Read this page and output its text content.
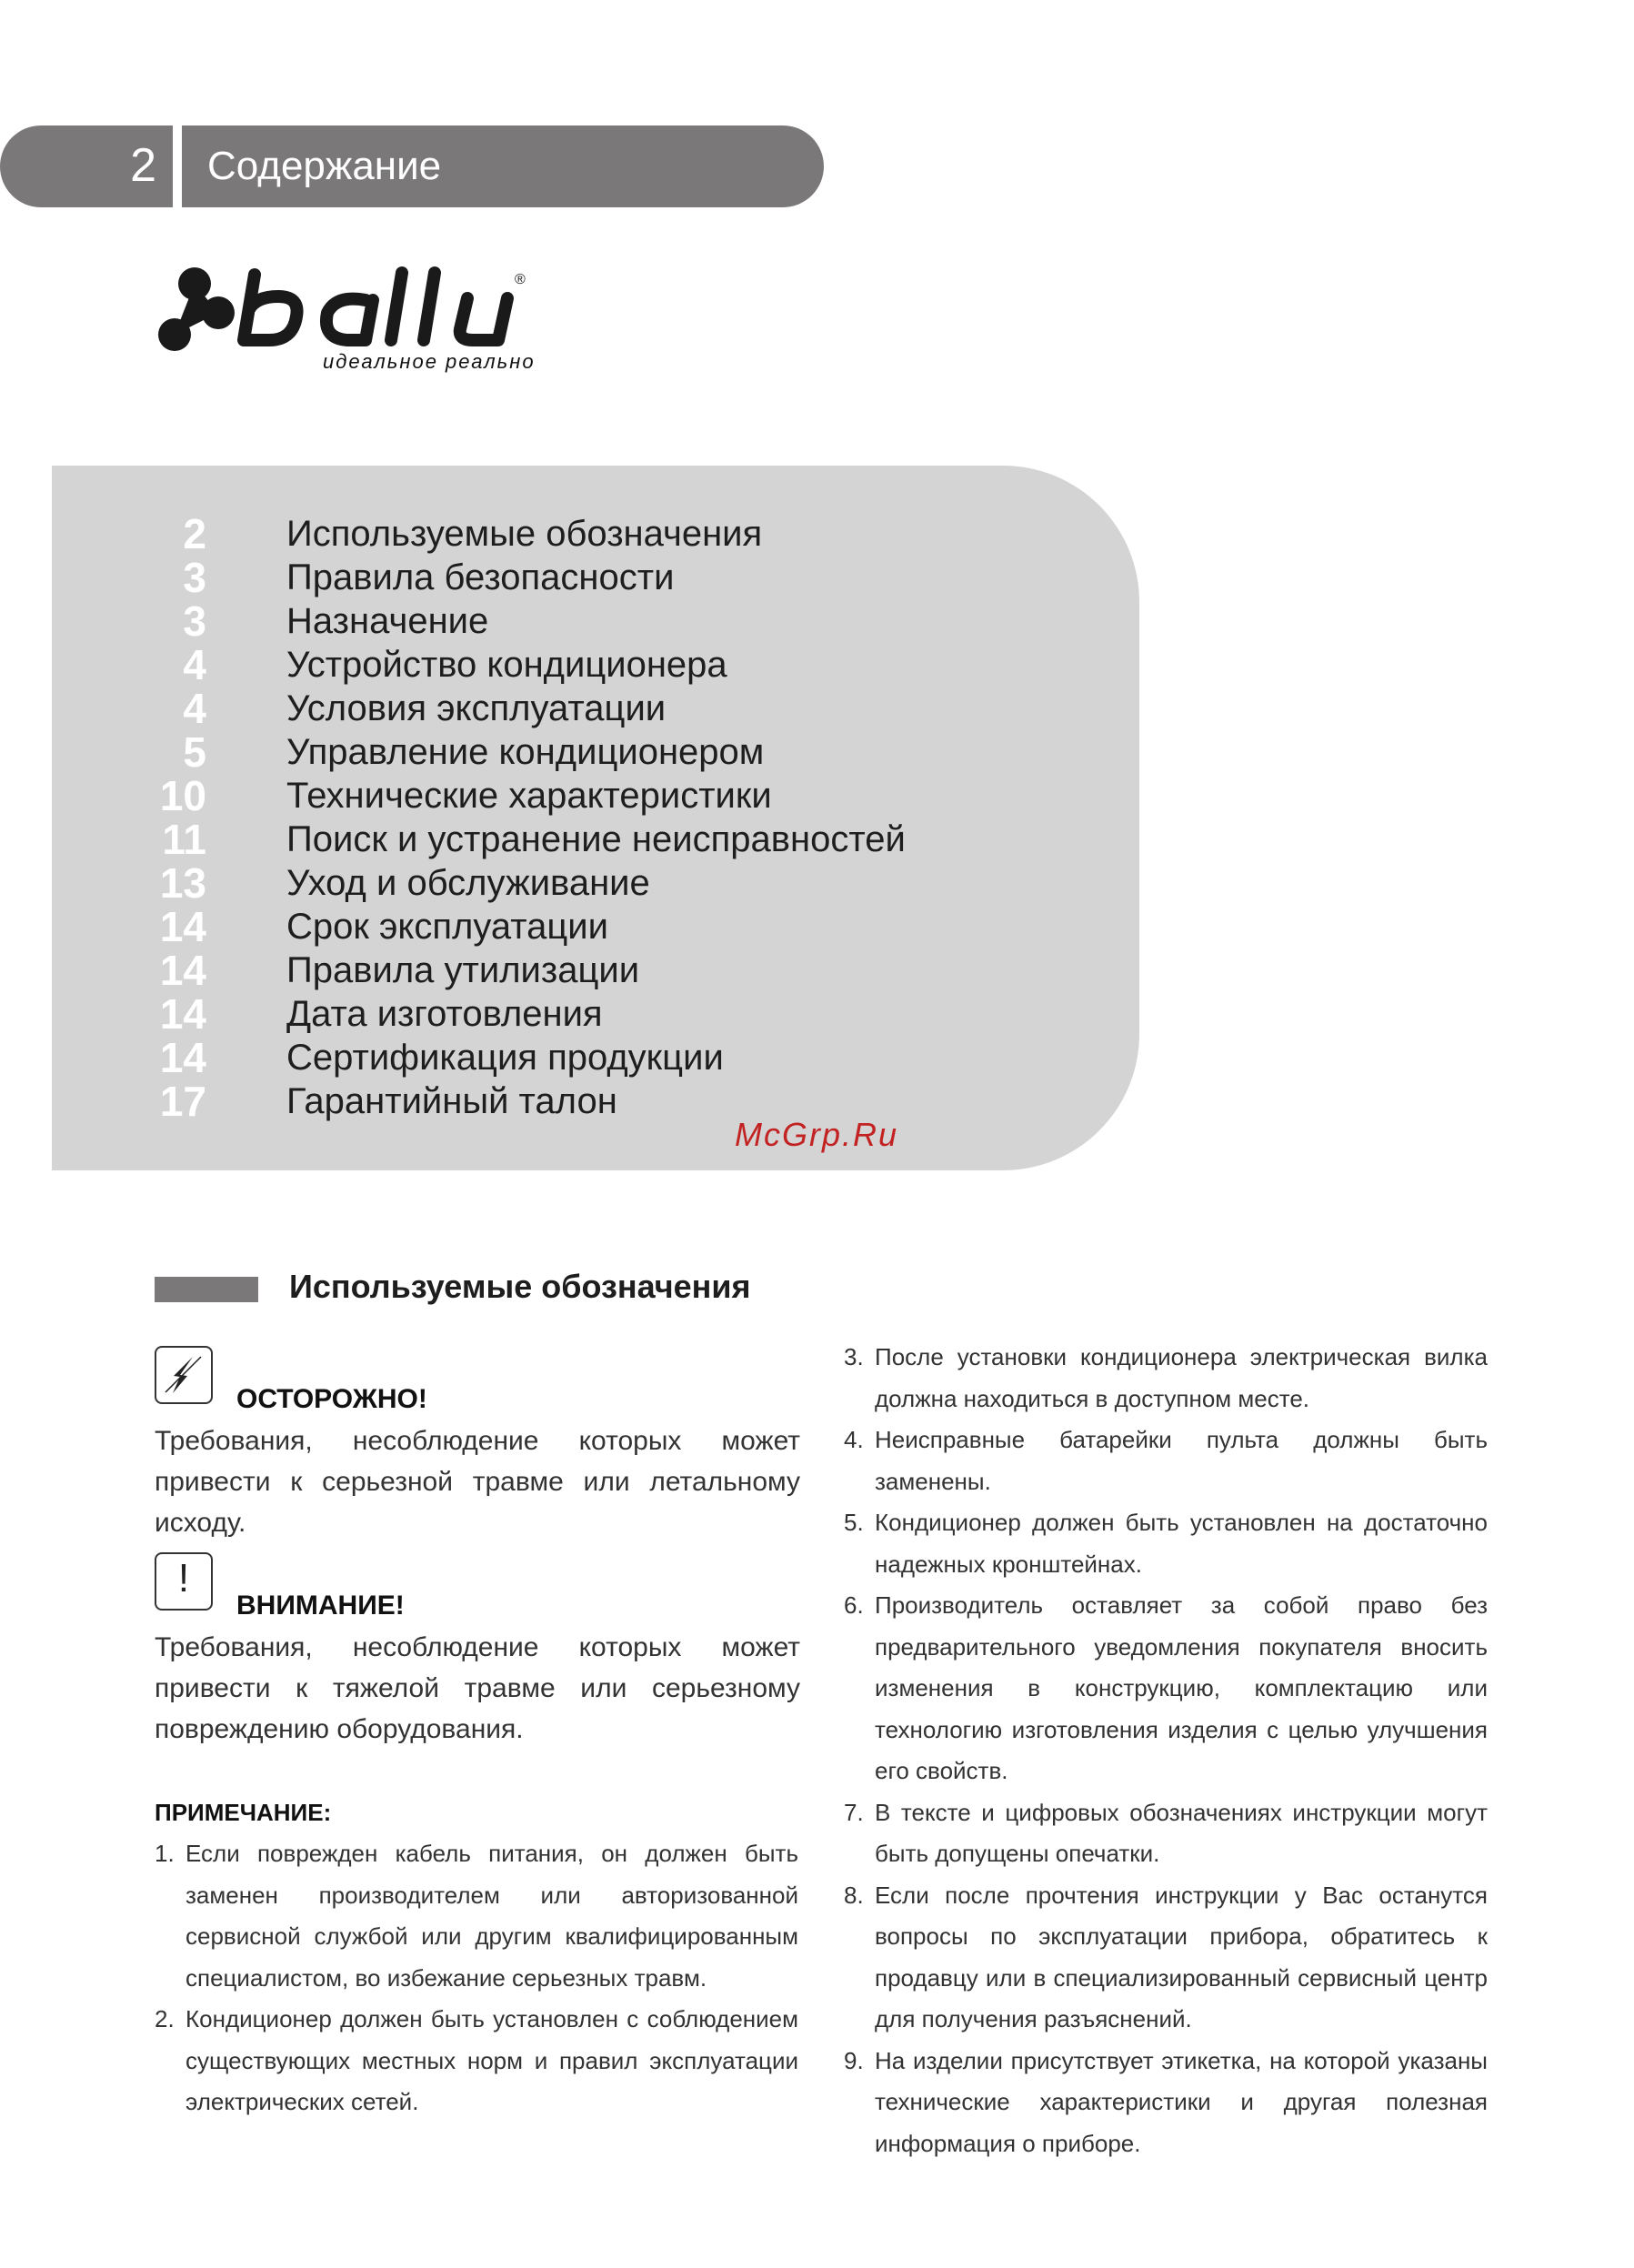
2 Содержание
®
идеальное реально
2 Используемые обозначения
3 Правила безопасности
3 Назначение
4 Устройство кондиционера
4 Условия эксплуатации
5 Управление кондиционером
10 Технические характеристики
11 Поиск и устранение неисправностей
13 Уход и обслуживание
14 Срок эксплуатации
14 Правила утилизации
14 Дата изготовления
14 Сертификация продукции
17 Гарантийный талон
McGrp.Ru
Используемые обозначения
ОСТОРОЖНО!
Требования, несоблюдение которых может привести к серьезной травме или летальному исходу.
!
ВНИМАНИЕ!
Требования, несоблюдение которых может привести к тяжелой травме или серьезному повреждению оборудования.
ПРИМЕЧАНИЕ:
1. Если поврежден кабель питания, он должен быть заменен производителем или авторизованной сервисной службой или другим квалифицированным специалистом, во избежание серьезных травм.
2. Кондиционер должен быть установлен с соблюдением существующих местных норм и правил эксплуатации электрических сетей.
3. После установки кондиционера электрическая вилка должна находиться в доступном месте.
4. Неисправные батарейки пульта должны быть заменены.
5. Кондиционер должен быть установлен на достаточно надежных кронштейнах.
6. Производитель оставляет за собой право без предварительного уведомления покупателя вносить изменения в конструкцию, комплектацию или технологию изготовления изделия с целью улучшения его свойств.
7. В тексте и цифровых обозначениях инструкции могут быть допущены опечатки.
8. Если после прочтения инструкции у Вас останутся вопросы по эксплуатации прибора, обратитесь к продавцу или в специализированный сервисный центр для получения разъяснений.
9. На изделии присутствует этикетка, на которой указаны технические характеристики и другая полезная информация о приборе.
